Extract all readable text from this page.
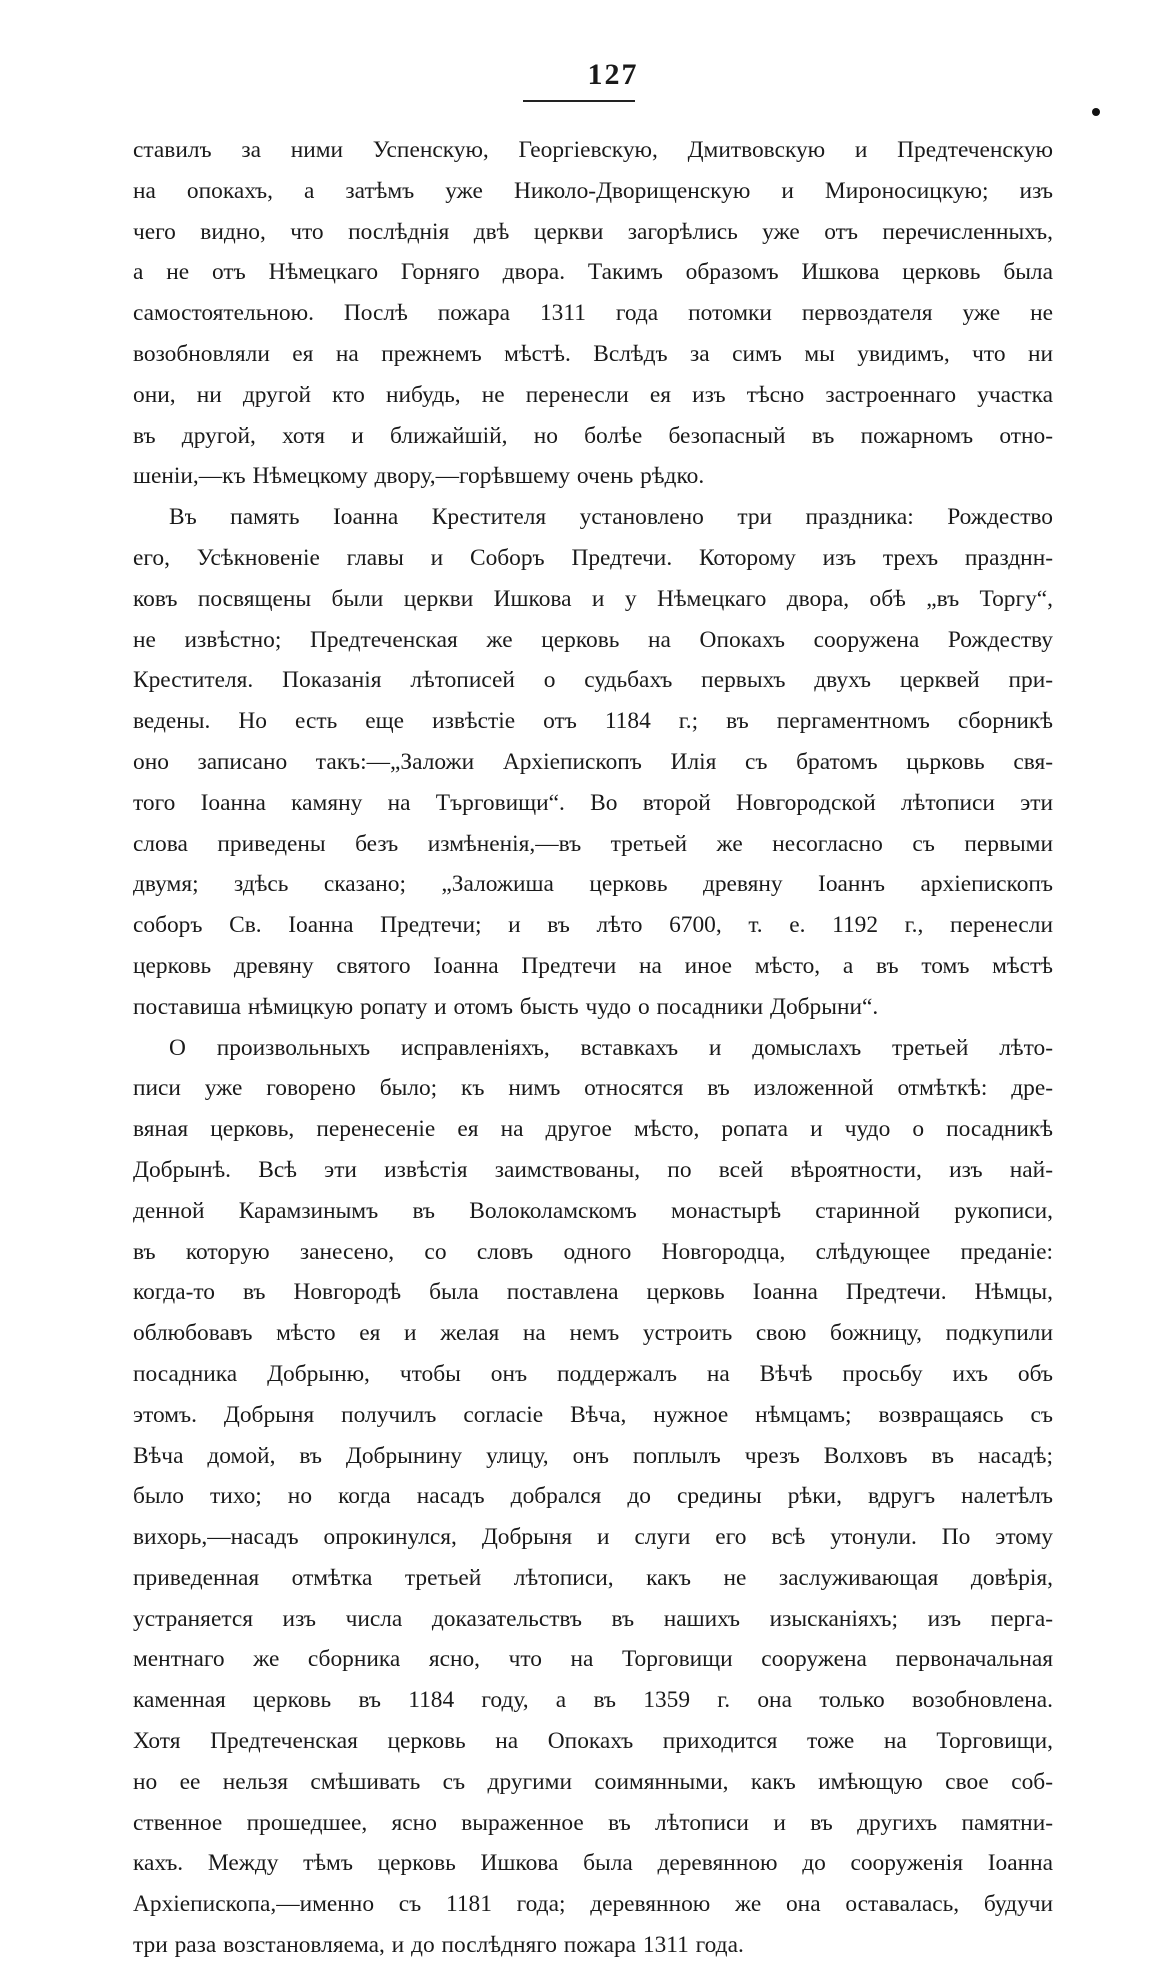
127
ставилъ за ними Успенскую, Георгіевскую, Дмитвовскую и Предтеченскую
на опокахъ, а затѣмъ уже Николо-Дворищенскую и Мироносицкую; изъ
чего видно, что послѣднія двѣ церкви загорѣлись уже отъ перечисленныхъ,
а не отъ Нѣмецкаго Горняго двора. Такимъ образомъ Ишкова церковь была
самостоятельною. Послѣ пожара 1311 года потомки первоздателя уже не
возобновляли ея на прежнемъ мѣстѣ. Вслѣдъ за симъ мы увидимъ, что ни
они, ни другой кто нибудь, не перенесли ея изъ тѣсно застроеннаго участка
въ другой, хотя и ближайшій, но болѣе безопасный въ пожарномъ отно-
шеніи,—къ Нѣмецкому двору,—горѣвшему очень рѣдко.
Въ память Іоанна Крестителя установлено три праздника: Рождество
его, Усѣкновеніе главы и Соборъ Предтечи. Которому изъ трехъ празднн-
ковъ посвящены были церкви Ишкова и у Нѣмецкаго двора, обѣ „въ Торгу“,
не извѣстно; Предтеченская же церковь на Опокахъ сооружена Рождеству
Крестителя. Показанія лѣтописей о судьбахъ первыхъ двухъ церквей при-
ведены. Но есть еще извѣстіе отъ 1184 г.; въ пергаментномъ сборникѣ
оно записано такъ:—„Заложи Архіепископъ Илія съ братомъ цьрковь свя-
того Іоанна камяну на Търговищи“. Во второй Новгородской лѣтописи эти
слова приведены безъ измѣненія,—въ третьей же несогласно съ первыми
двумя; здѣсь сказано; „Заложиша церковь древяну Іоаннъ архіепископъ
соборъ Св. Іоанна Предтечи; и въ лѣто 6700, т. е. 1192 г., перенесли
церковь древяну святого Іоанна Предтечи на иное мѣсто, а въ томъ мѣстѣ
поставиша нѣмицкую ропату и отомъ бысть чудо о посадники Добрыни“.
О произвольныхъ исправленіяхъ, вставкахъ и домыслахъ третьей лѣто-
писи уже говорено было; къ нимъ относятся въ изложенной отмѣткѣ: дре-
вяная церковь, перенесеніе ея на другое мѣсто, ропата и чудо о посадникѣ
Добрынѣ. Всѣ эти извѣстія заимствованы, по всей вѣроятности, изъ най-
денной Карамзинымъ въ Волоколамскомъ монастырѣ старинной рукописи,
въ которую занесено, со словъ одного Новгородца, слѣдующее преданіе:
когда-то въ Новгородѣ была поставлена церковь Іоанна Предтечи. Нѣмцы,
облюбовавъ мѣсто ея и желая на немъ устроить свою божницу, подкупили
посадника Добрыню, чтобы онъ поддержалъ на Вѣчѣ просьбу ихъ объ
этомъ. Добрыня получилъ согласіе Вѣча, нужное нѣмцамъ; возвращаясь съ
Вѣча домой, въ Добрынину улицу, онъ поплылъ чрезъ Волховъ въ насадѣ;
было тихо; но когда насадъ добрался до средины рѣки, вдругъ налетѣлъ
вихорь,—насадъ опрокинулся, Добрыня и слуги его всѣ утонули. По этому
приведенная отмѣтка третьей лѣтописи, какъ не заслуживающая довѣрія,
устраняется изъ числа доказательствъ въ нашихъ изысканіяхъ; изъ перга-
ментнаго же сборника ясно, что на Торговищи сооружена первоначальная
каменная церковь въ 1184 году, а въ 1359 г. она только возобновлена.
Хотя Предтеченская церковь на Опокахъ приходится тоже на Торговищи,
но ее нельзя смѣшивать съ другими соимянными, какъ имѣющую свое соб-
ственное прошедшее, ясно выраженное въ лѣтописи и въ другихъ памятни-
кахъ. Между тѣмъ церковь Ишкова была деревянною до сооруженія Іоанна
Архіепископа,—именно съ 1181 года; деревянною же она оставалась, будучи
три раза возстановляема, и до послѣдняго пожара 1311 года.
